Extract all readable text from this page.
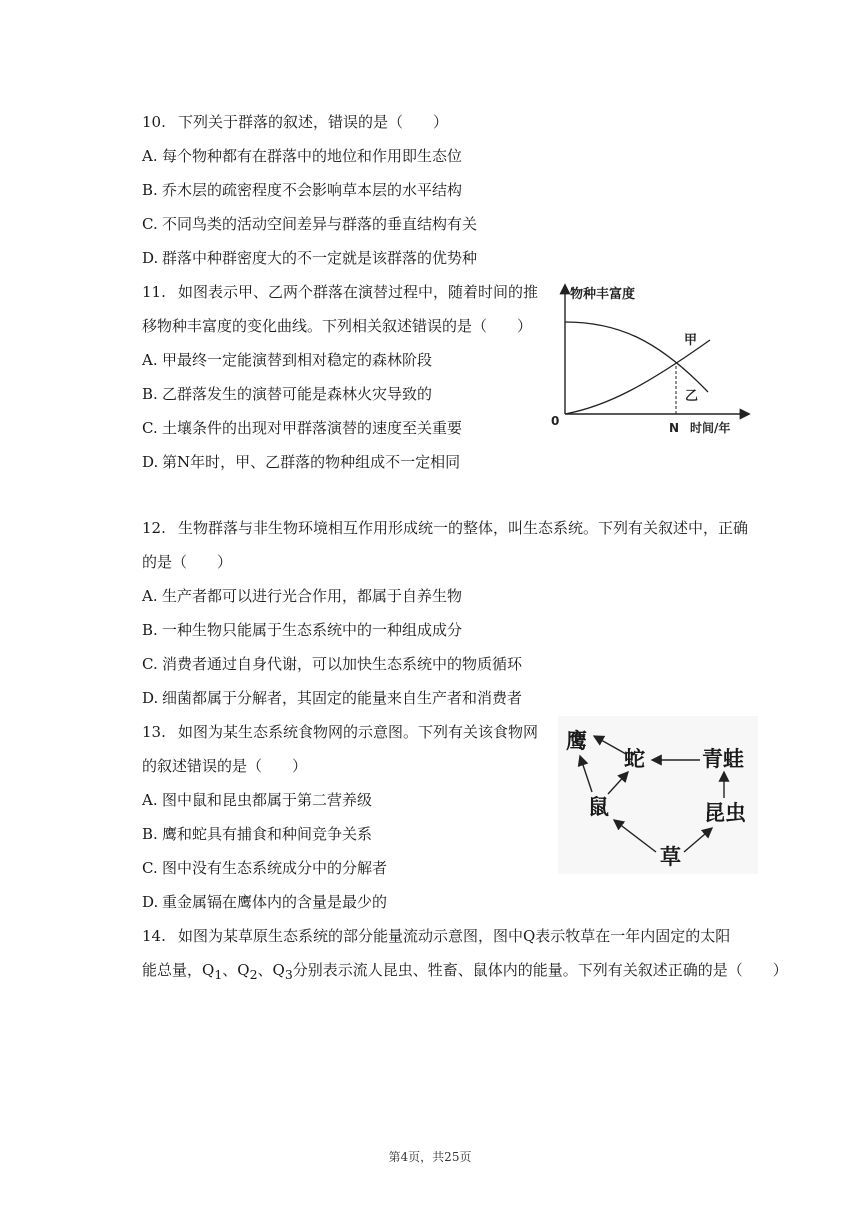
10. 下列关于群落的叙述，错误的是（　　）
A. 每个物种都有在群落中的地位和作用即生态位
B. 乔木层的疏密程度不会影响草本层的水平结构
C. 不同鸟类的活动空间差异与群落的垂直结构有关
D. 群落中种群密度大的不一定就是该群落的优势种
11. 如图表示甲、乙两个群落在演替过程中，随着时间的推
移物种丰富度的变化曲线。下列相关叙述错误的是（　　）
A. 甲最终一定能演替到相对稳定的森林阶段
B. 乙群落发生的演替可能是森林火灾导致的
C. 土壤条件的出现对甲群落演替的速度至关重要
D. 第N年时，甲、乙群落的物种组成不一定相同
物种丰富度
0
甲
乙
N 时间/年
12. 生物群落与非生物环境相互作用形成统一的整体，叫生态系统。下列有关叙述中，正确
的是（　　）
A. 生产者都可以进行光合作用，都属于自养生物
B. 一种生物只能属于生态系统中的一种组成成分
C. 消费者通过自身代谢，可以加快生态系统中的物质循环
D. 细菌都属于分解者，其固定的能量来自生产者和消费者
13. 如图为某生态系统食物网的示意图。下列有关该食物网
的叙述错误的是（　　）
A. 图中鼠和昆虫都属于第二营养级
B. 鹰和蛇具有捕食和种间竞争关系
C. 图中没有生态系统成分中的分解者
D. 重金属镉在鹰体内的含量是最少的
鹰
蛇	青蛙
鼠	昆虫
草
14. 如图为某草原生态系统的部分能量流动示意图，图中Q表示牧草在一年内固定的太阳
能总量，$Q_1$、$Q_2$、$Q_3$分别表示流人昆虫、牲畜、鼠体内的能量。下列有关叙述正确的是（　　）
第4页，共25页
